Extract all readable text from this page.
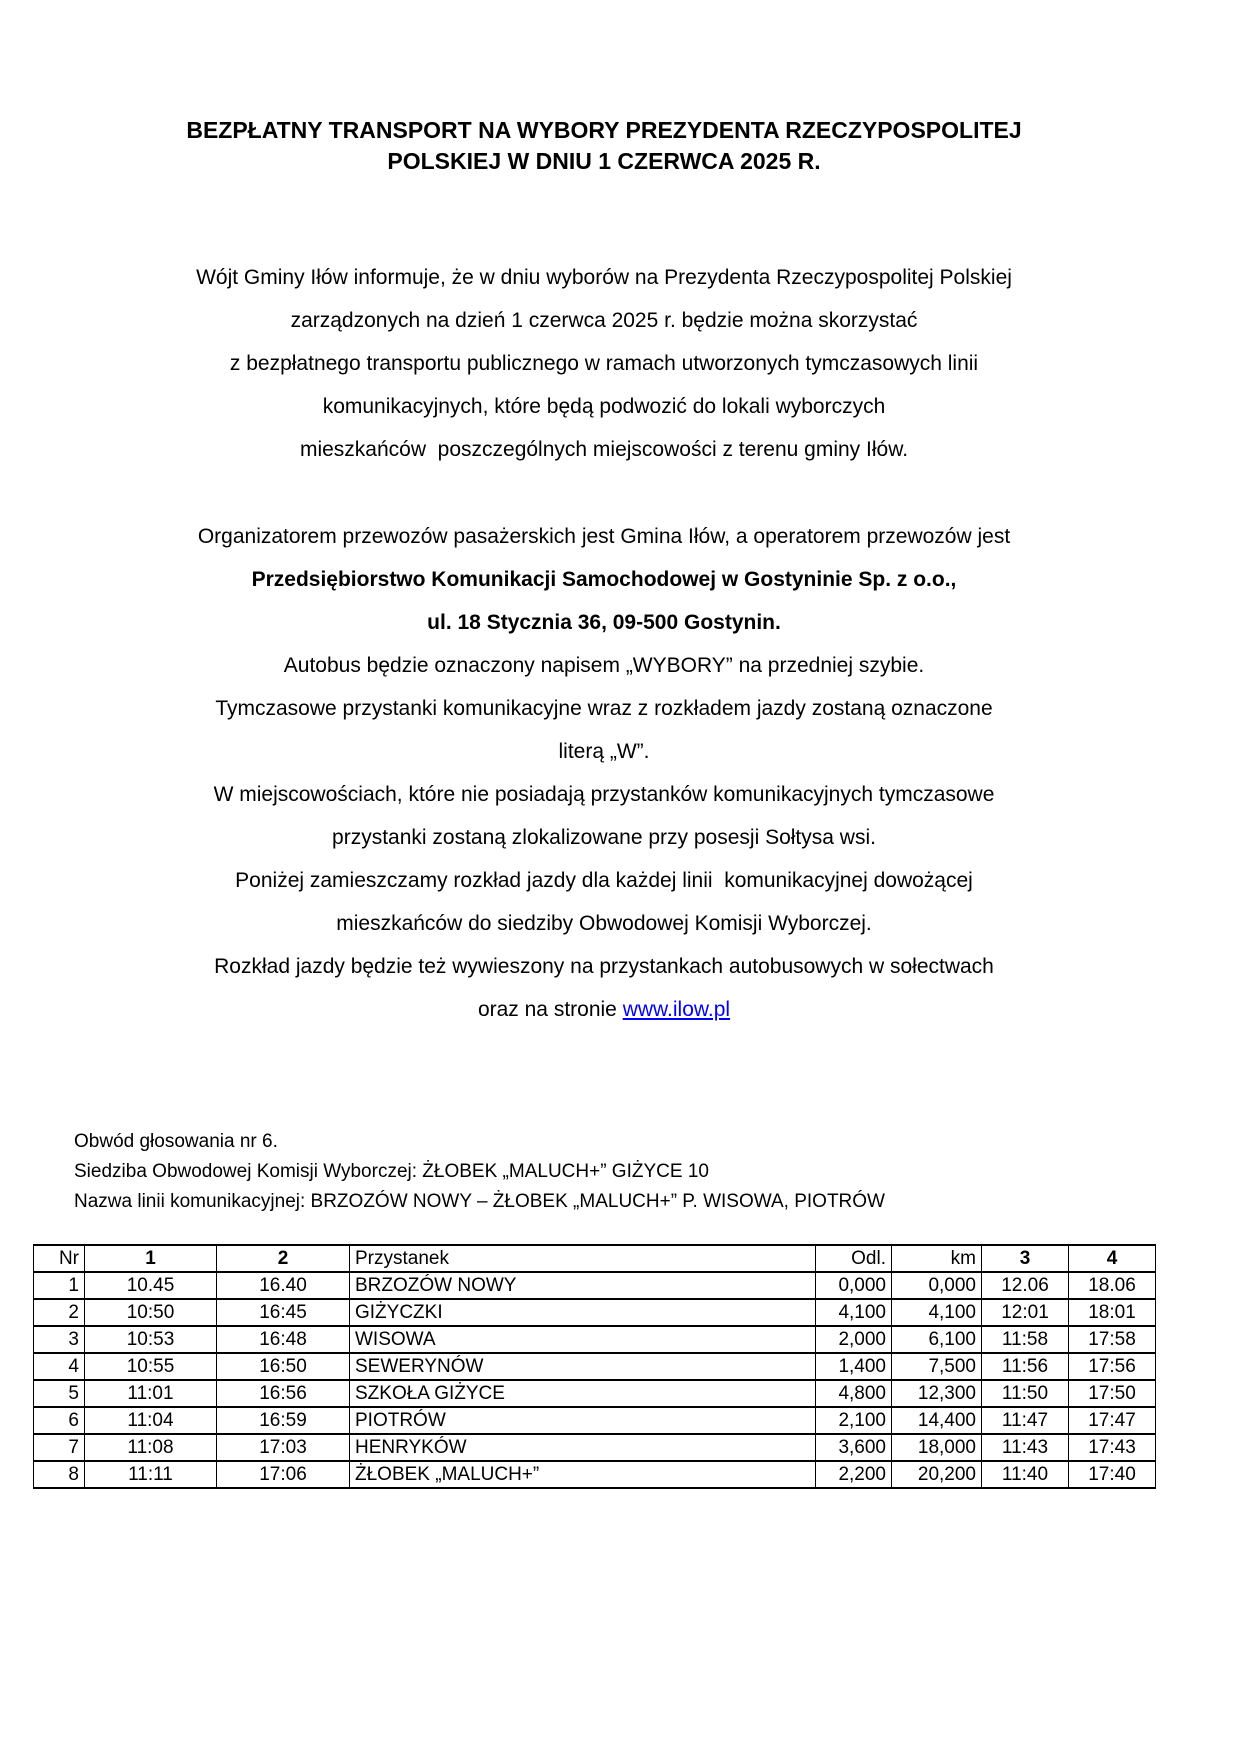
BEZPŁATNY TRANSPORT NA WYBORY PREZYDENTA RZECZYPOSPOLITEJ
POLSKIEJ W DNIU 1 CZERWCA 2025 R.
Wójt Gminy Iłów informuje, że w dniu wyborów na Prezydenta Rzeczypospolitej Polskiej
zarządzonych na dzień 1 czerwca 2025 r. będzie można skorzystać
z bezpłatnego transportu publicznego w ramach utworzonych tymczasowych linii
komunikacyjnych, które będą podwozić do lokali wyborczych
mieszkańców  poszczególnych miejscowości z terenu gminy Iłów.
Organizatorem przewozów pasażerskich jest Gmina Iłów, a operatorem przewozów jest
Przedsiębiorstwo Komunikacji Samochodowej w Gostyninie Sp. z o.o.,
ul. 18 Stycznia 36, 09-500 Gostynin.
Autobus będzie oznaczony napisem „WYBORY” na przedniej szybie.
Tymczasowe przystanki komunikacyjne wraz z rozkładem jazdy zostaną oznaczone
literą „W”.
W miejscowościach, które nie posiadają przystanków komunikacyjnych tymczasowe
przystanki zostaną zlokalizowane przy posesji Sołtysa wsi.
Poniżej zamieszczamy rozkład jazdy dla każdej linii  komunikacyjnej dowożącej
mieszkańców do siedziby Obwodowej Komisji Wyborczej.
Rozkład jazdy będzie też wywieszony na przystankach autobusowych w sołectwach
oraz na stronie www.ilow.pl
Obwód głosowania nr 6.
Siedziba Obwodowej Komisji Wyborczej: ŻŁOBEK „MALUCH+” GIŻYCE 10
Nazwa linii komunikacyjnej: BRZOZÓW NOWY – ŻŁOBEK „MALUCH+” P. WISOWA, PIOTRÓW
Nr	1	2	Przystanek	Odl.	km	3	4
1	10.45	16.40	BRZOZÓW NOWY	0,000	0,000	12.06	18.06
2	10:50	16:45	GIŻYCZKI	4,100	4,100	12:01	18:01
3	10:53	16:48	WISOWA	2,000	6,100	11:58	17:58
4	10:55	16:50	SEWERYNÓW	1,400	7,500	11:56	17:56
5	11:01	16:56	SZKOŁA GIŻYCE	4,800	12,300	11:50	17:50
6	11:04	16:59	PIOTRÓW	2,100	14,400	11:47	17:47
7	11:08	17:03	HENRYKÓW	3,600	18,000	11:43	17:43
8	11:11	17:06	ŻŁOBEK „MALUCH+”	2,200	20,200	11:40	17:40
